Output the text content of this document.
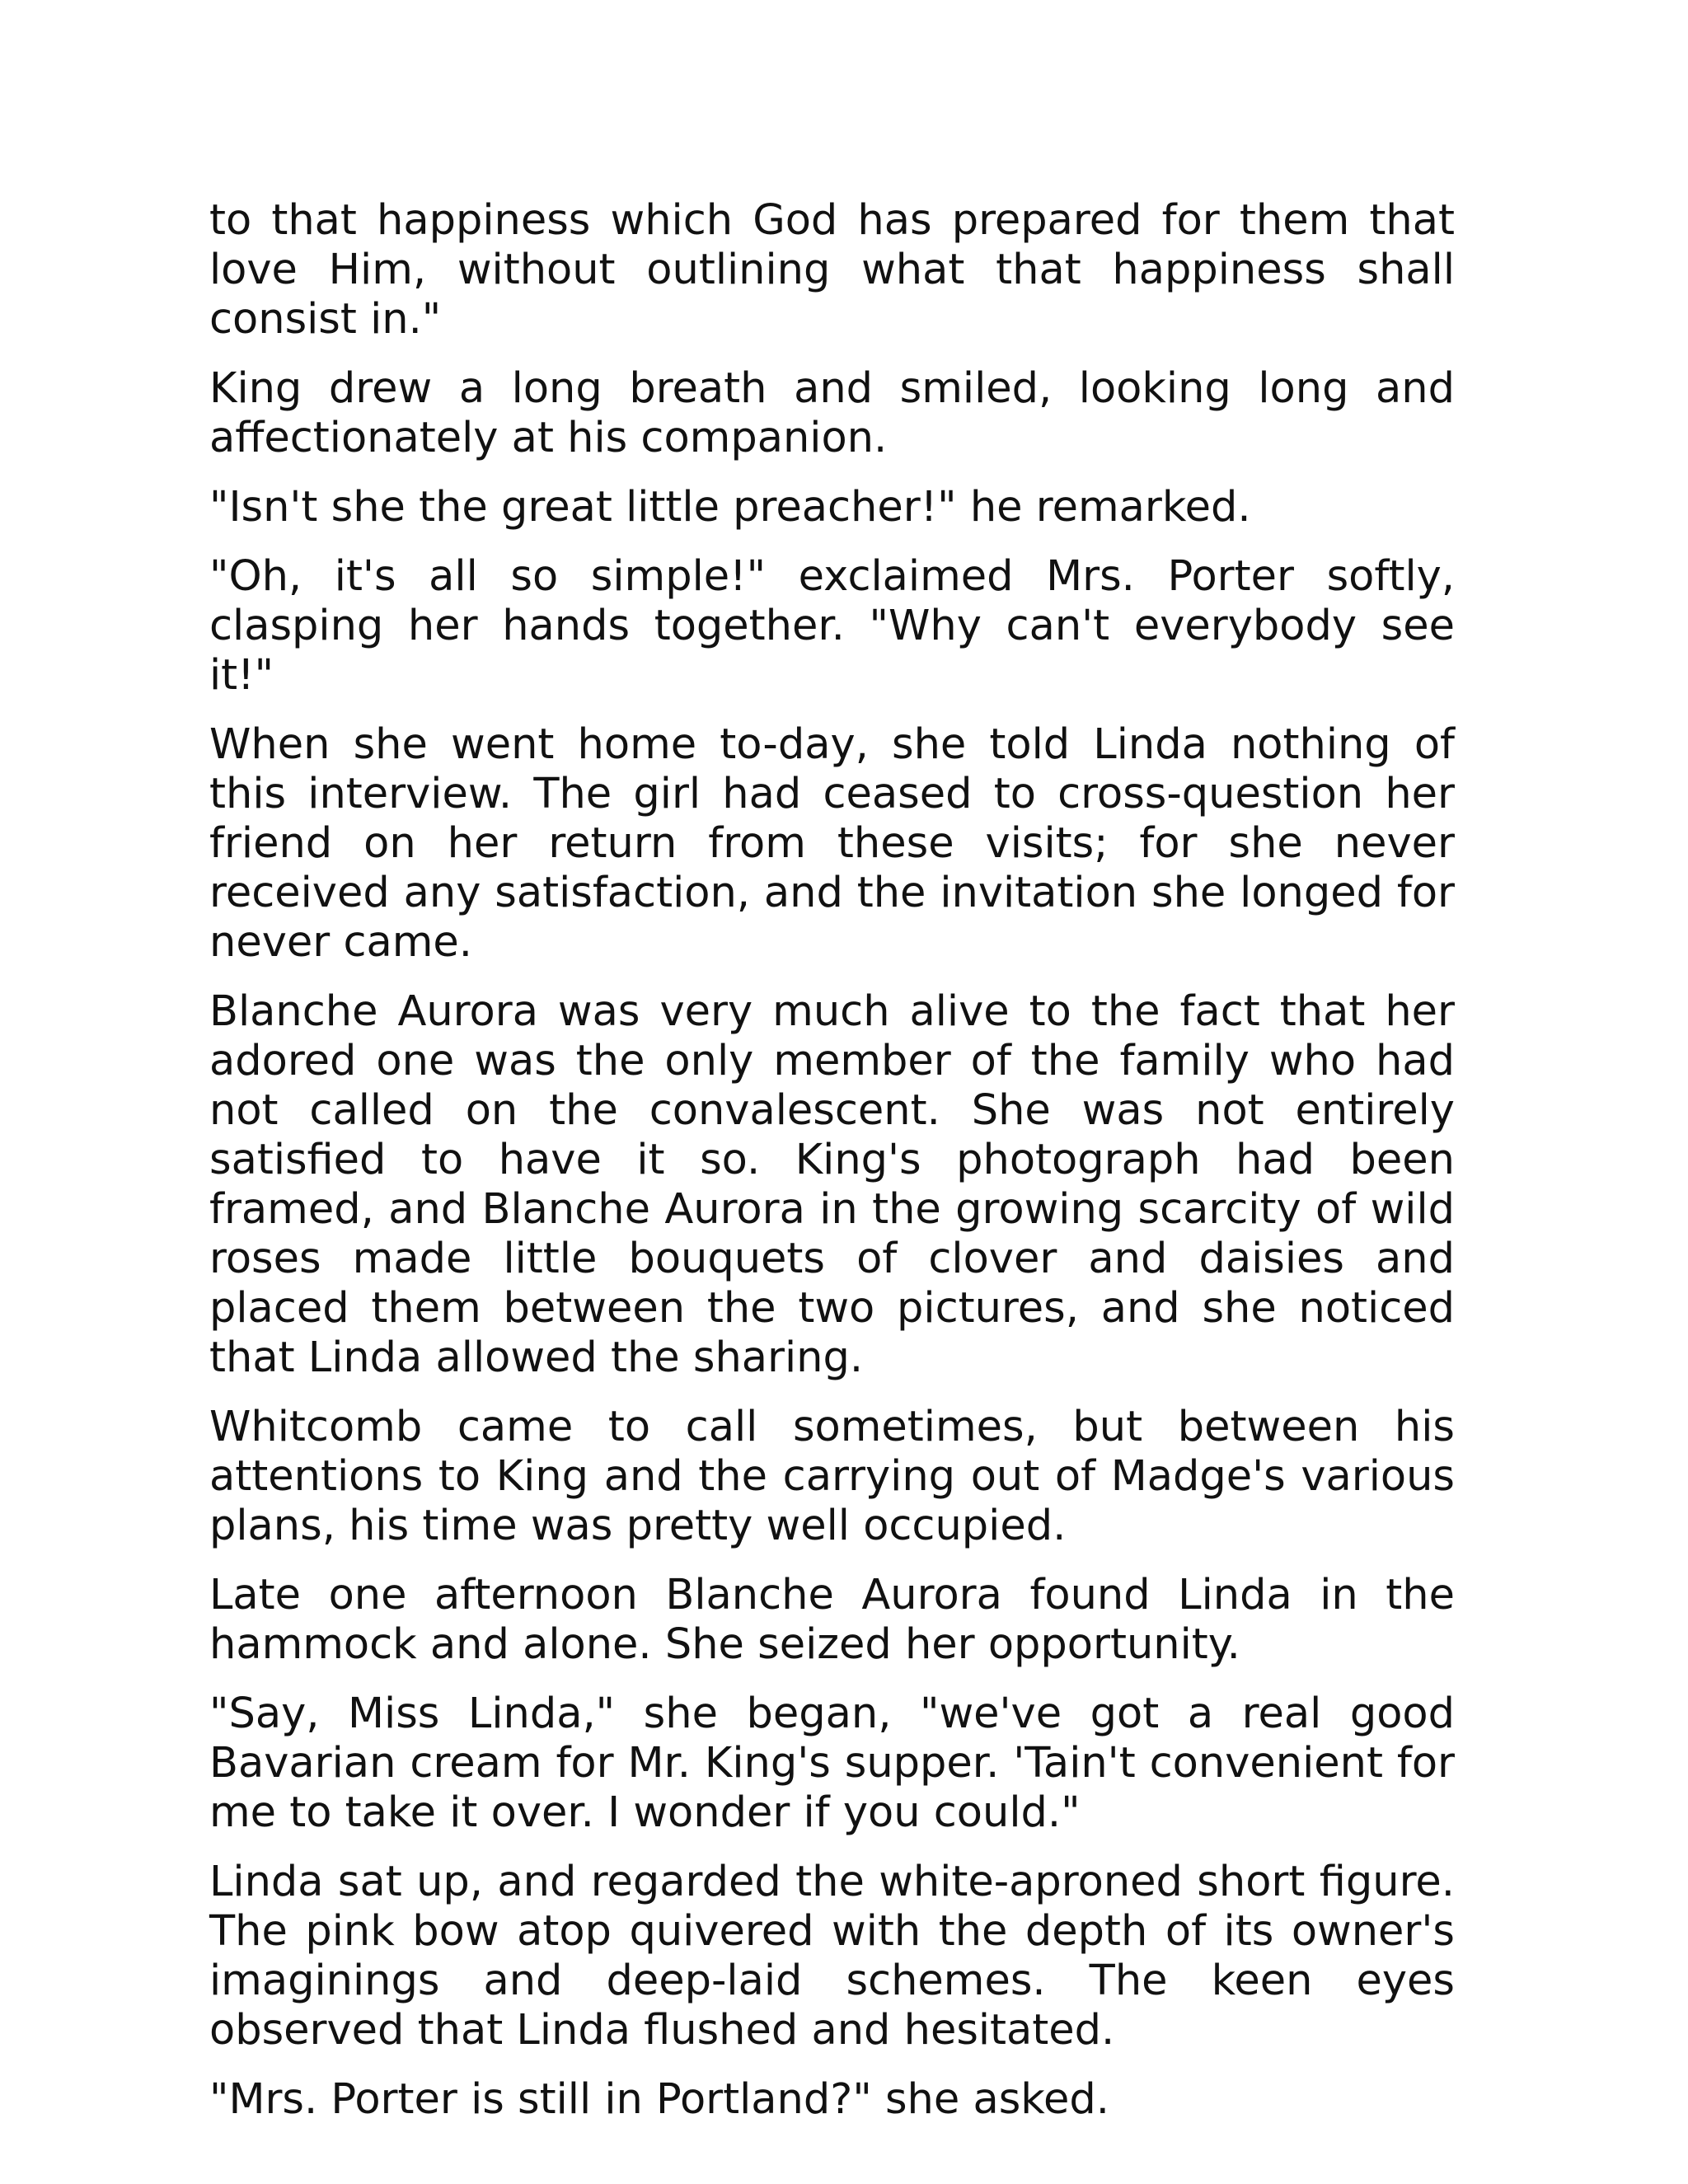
to that happiness which God has prepared for them that love Him, without outlining what that happiness shall consist in."

King drew a long breath and smiled, looking long and affectionately at his companion.

"Isn't she the great little preacher!" he remarked.

"Oh, it's all so simple!" exclaimed Mrs. Porter softly, clasping her hands together. "Why can't everybody see it!"

When she went home to-day, she told Linda nothing of this interview. The girl had ceased to cross-question her friend on her return from these visits; for she never received any satisfaction, and the invitation she longed for never came.

Blanche Aurora was very much alive to the fact that her adored one was the only member of the family who had not called on the convalescent. She was not entirely satisfied to have it so. King's photograph had been framed, and Blanche Aurora in the growing scarcity of wild roses made little bouquets of clover and daisies and placed them between the two pictures, and she noticed that Linda allowed the sharing.

Whitcomb came to call sometimes, but between his attentions to King and the carrying out of Madge's various plans, his time was pretty well occupied.

Late one afternoon Blanche Aurora found Linda in the hammock and alone. She seized her opportunity.

"Say, Miss Linda," she began, "we've got a real good Bavarian cream for Mr. King's supper. 'Tain't convenient for me to take it over. I wonder if you could."

Linda sat up, and regarded the white-aproned short figure. The pink bow atop quivered with the depth of its owner's imaginings and deep-laid schemes. The keen eyes observed that Linda flushed and hesitated.

"Mrs. Porter is still in Portland?" she asked.
